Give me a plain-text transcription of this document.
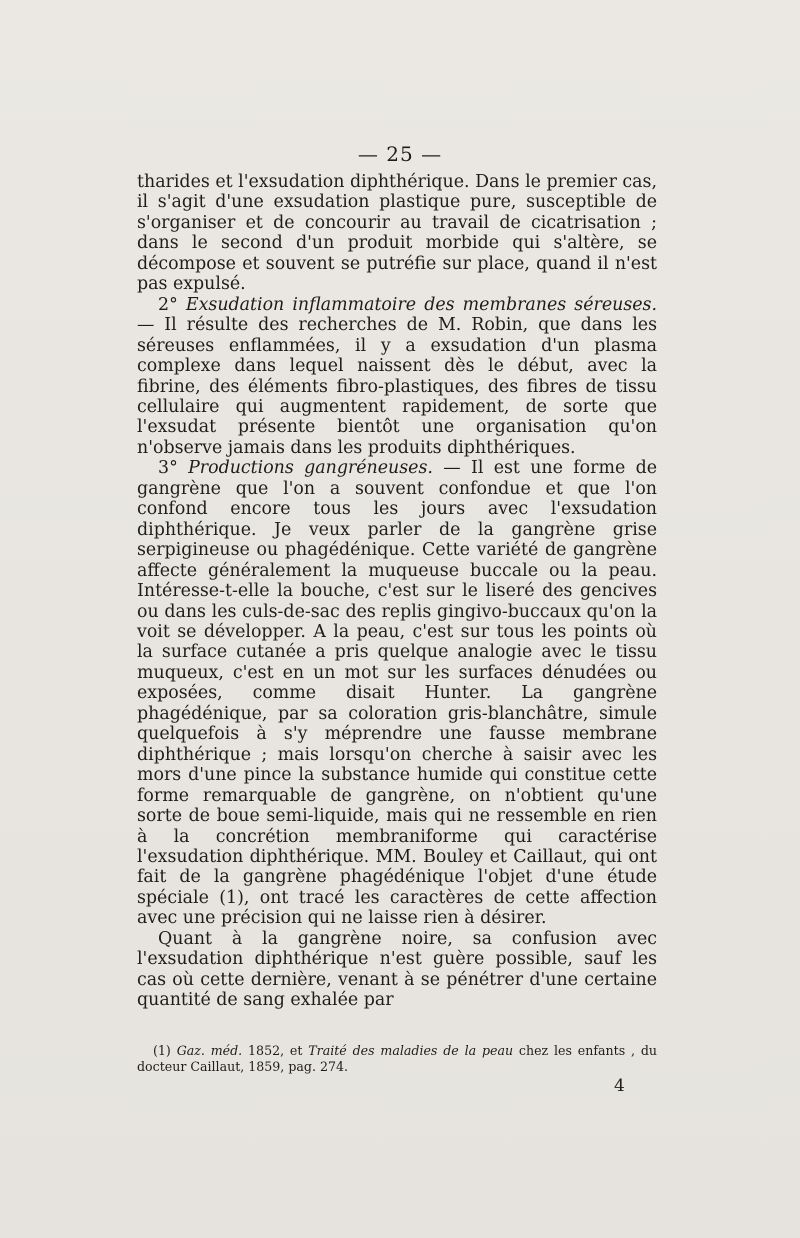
— 25 —

tharides et l'exsudation diphthérique. Dans le premier cas, il s'agit d'une exsudation plastique pure, susceptible de s'organiser et de concourir au travail de cicatrisation ; dans le second d'un produit morbide qui s'altère, se décompose et souvent se putréfie sur place, quand il n'est pas expulsé.

2° Exsudation inflammatoire des membranes séreuses. — Il résulte des recherches de M. Robin, que dans les séreuses enflammées, il y a exsudation d'un plasma complexe dans lequel naissent dès le début, avec la fibrine, des éléments fibro-plastiques, des fibres de tissu cellulaire qui augmentent rapidement, de sorte que l'exsudat présente bientôt une organisation qu'on n'observe jamais dans les produits diphthériques.

3° Productions gangréneuses. — Il est une forme de gangrène que l'on a souvent confondue et que l'on confond encore tous les jours avec l'exsudation diphthérique. Je veux parler de la gangrène grise serpigineuse ou phagédénique. Cette variété de gangrène affecte généralement la muqueuse buccale ou la peau. Intéresse-t-elle la bouche, c'est sur le liseré des gencives ou dans les culs-de-sac des replis gingivo-buccaux qu'on la voit se développer. A la peau, c'est sur tous les points où la surface cutanée a pris quelque analogie avec le tissu muqueux, c'est en un mot sur les surfaces dénudées ou exposées, comme disait Hunter. La gangrène phagédénique, par sa coloration gris-blanchâtre, simule quelquefois à s'y méprendre une fausse membrane diphthérique ; mais lorsqu'on cherche à saisir avec les mors d'une pince la substance humide qui constitue cette forme remarquable de gangrène, on n'obtient qu'une sorte de boue semi-liquide, mais qui ne ressemble en rien à la concrétion membraniforme qui caractérise l'exsudation diphthérique. MM. Bouley et Caillaut, qui ont fait de la gangrène phagédénique l'objet d'une étude spéciale (1), ont tracé les caractères de cette affection avec une précision qui ne laisse rien à désirer.

Quant à la gangrène noire, sa confusion avec l'exsudation diphthérique n'est guère possible, sauf les cas où cette dernière, venant à se pénétrer d'une certaine quantité de sang exhalée par

(1) Gaz. méd. 1852, et Traité des maladies de la peau chez les enfants , du docteur Caillaut, 1859, pag. 274.

4
